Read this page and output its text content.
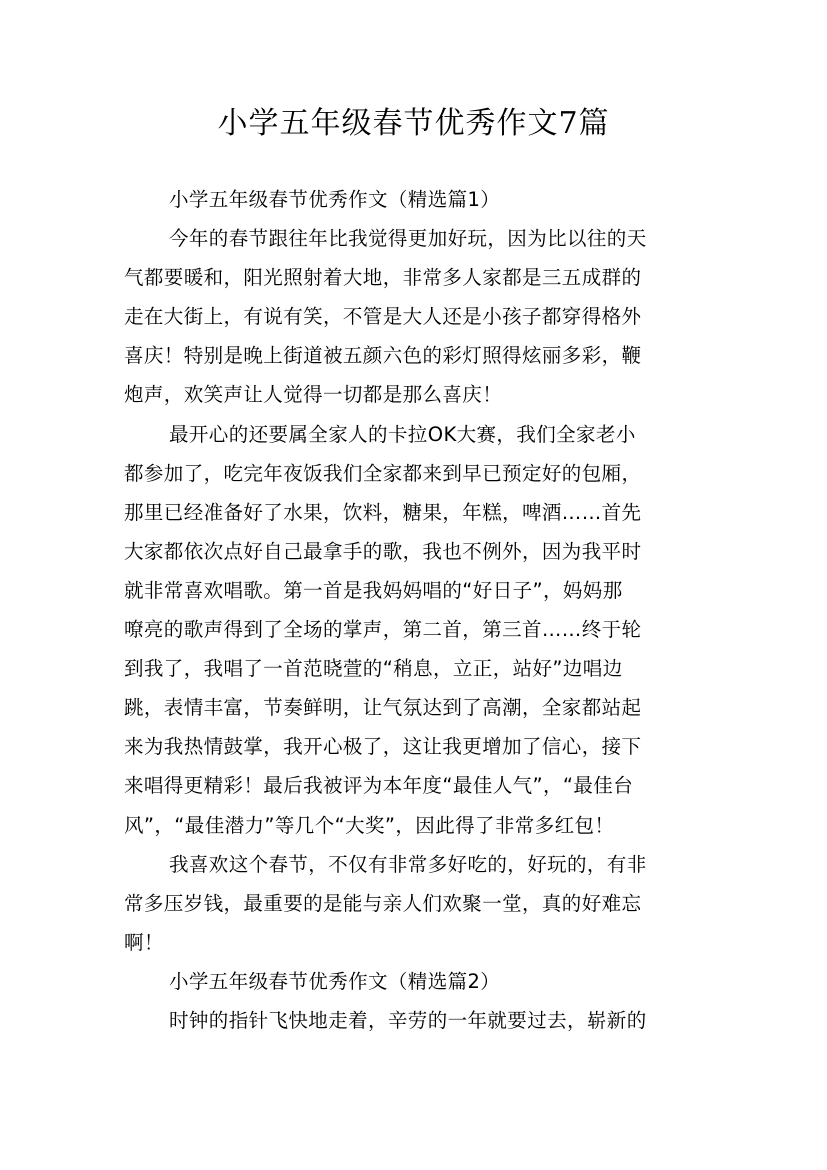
小学五年级春节优秀作文7篇
小学五年级春节优秀作文（精选篇1）
今年的春节跟往年比我觉得更加好玩，因为比以往的天
气都要暖和，阳光照射着大地，非常多人家都是三五成群的
走在大街上，有说有笑，不管是大人还是小孩子都穿得格外
喜庆！特别是晚上街道被五颜六色的彩灯照得炫丽多彩，鞭
炮声，欢笑声让人觉得一切都是那么喜庆！
最开心的还要属全家人的卡拉OK大赛，我们全家老小
都参加了，吃完年夜饭我们全家都来到早已预定好的包厢，
那里已经准备好了水果，饮料，糖果，年糕，啤酒……首先
大家都依次点好自己最拿手的歌，我也不例外，因为我平时
就非常喜欢唱歌。第一首是我妈妈唱的“好日子”，妈妈那
嘹亮的歌声得到了全场的掌声，第二首，第三首……终于轮
到我了，我唱了一首范晓萱的“稍息，立正，站好”边唱边
跳，表情丰富，节奏鲜明，让气氛达到了高潮，全家都站起
来为我热情鼓掌，我开心极了，这让我更增加了信心，接下
来唱得更精彩！最后我被评为本年度“最佳人气”，“最佳台
风”，“最佳潜力”等几个“大奖”，因此得了非常多红包！
我喜欢这个春节，不仅有非常多好吃的，好玩的，有非
常多压岁钱，最重要的是能与亲人们欢聚一堂，真的好难忘
啊！
小学五年级春节优秀作文（精选篇2）
时钟的指针飞快地走着，辛劳的一年就要过去，崭新的
